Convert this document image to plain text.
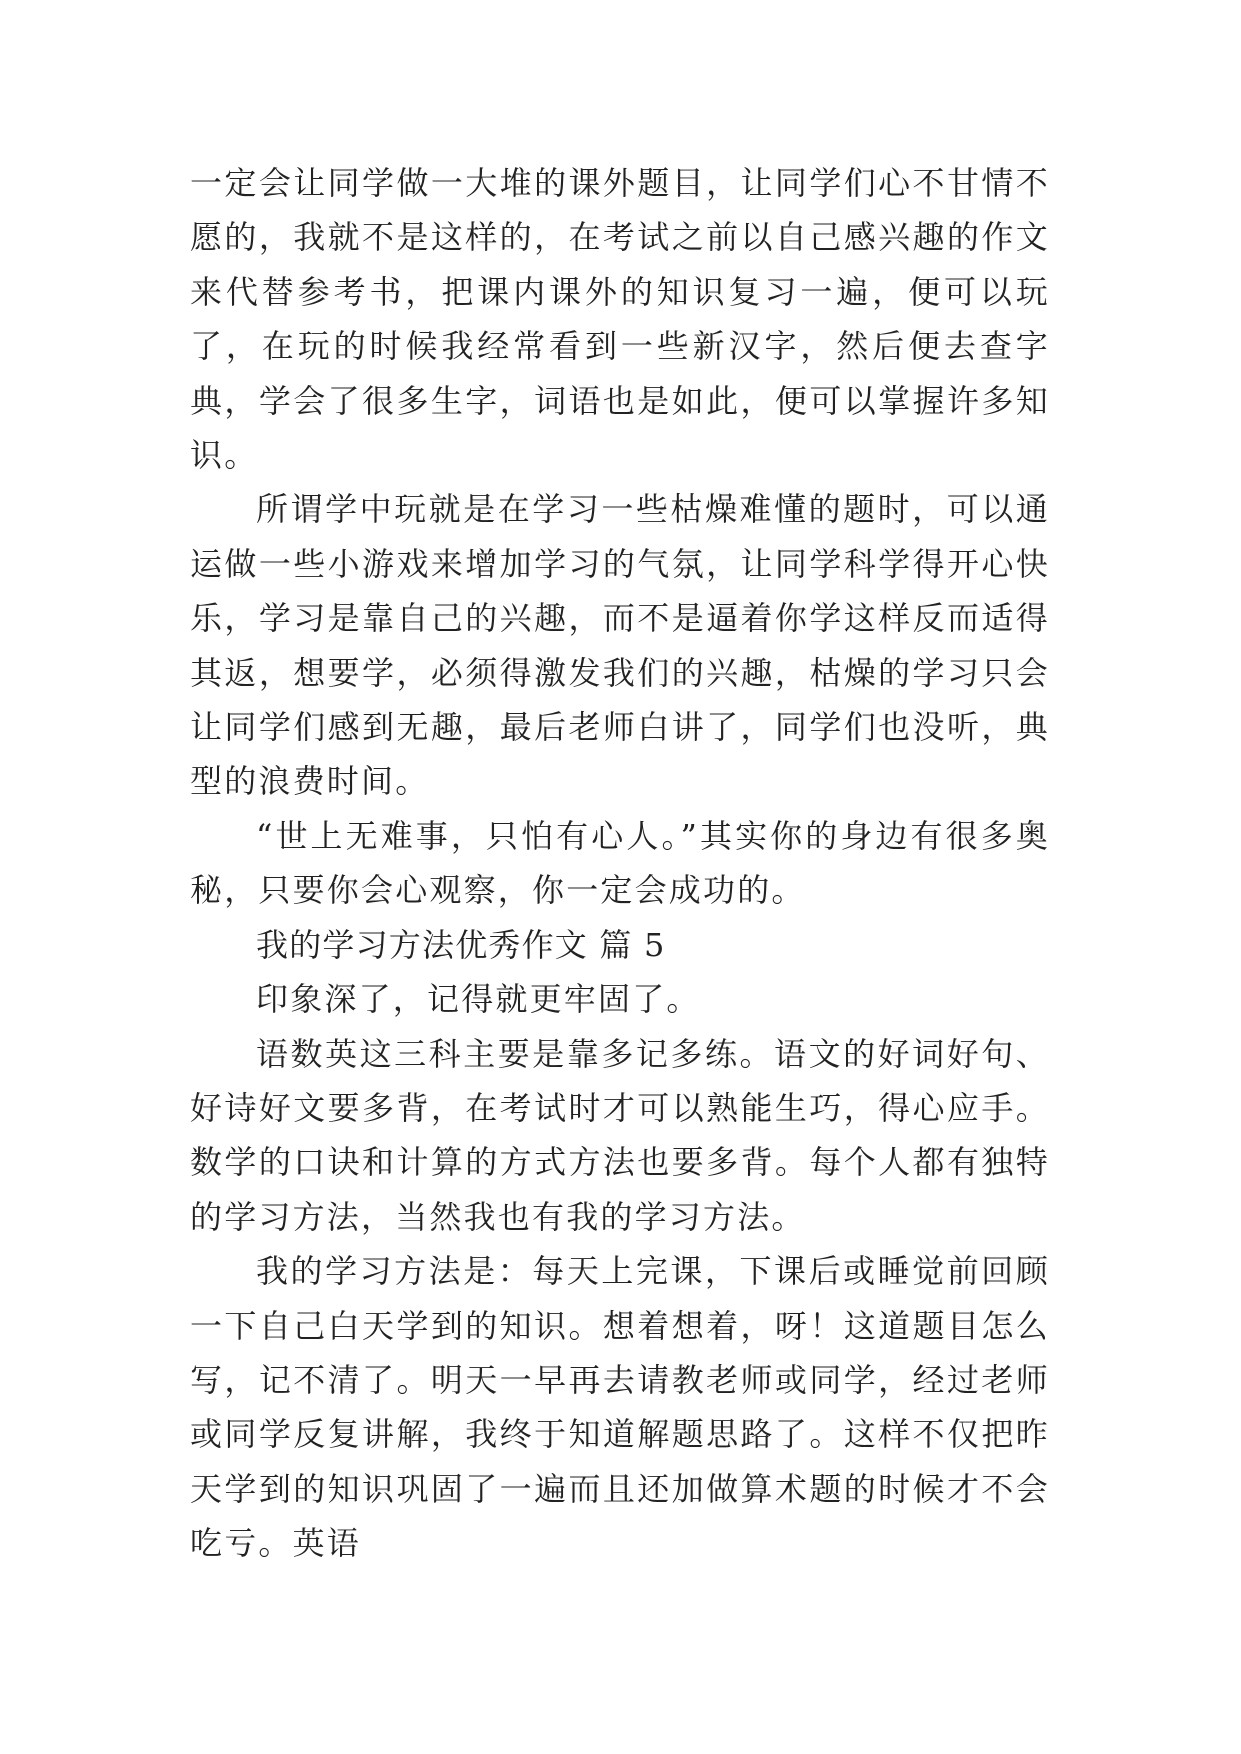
一定会让同学做一大堆的课外题目，让同学们心不甘情不愿的，我就不是这样的，在考试之前以自己感兴趣的作文来代替参考书，把课内课外的知识复习一遍，便可以玩了，在玩的时候我经常看到一些新汉字，然后便去查字典，学会了很多生字，词语也是如此，便可以掌握许多知识。

所谓学中玩就是在学习一些枯燥难懂的题时，可以通运做一些小游戏来增加学习的气氛，让同学科学得开心快乐，学习是靠自己的兴趣，而不是逼着你学这样反而适得其返，想要学，必须得激发我们的兴趣，枯燥的学习只会让同学们感到无趣，最后老师白讲了，同学们也没听，典型的浪费时间。

“世上无难事，只怕有心人。”其实你的身边有很多奥秘，只要你会心观察，你一定会成功的。

我的学习方法优秀作文 篇 5

印象深了，记得就更牢固了。

语数英这三科主要是靠多记多练。语文的好词好句、好诗好文要多背，在考试时才可以熟能生巧，得心应手。数学的口诀和计算的方式方法也要多背。每个人都有独特的学习方法，当然我也有我的学习方法。

我的学习方法是：每天上完课，下课后或睡觉前回顾一下自己白天学到的知识。想着想着，呀！这道题目怎么写，记不清了。明天一早再去请教老师或同学，经过老师或同学反复讲解，我终于知道解题思路了。这样不仅把昨天学到的知识巩固了一遍而且还加做算术题的时候才不会吃亏。英语
